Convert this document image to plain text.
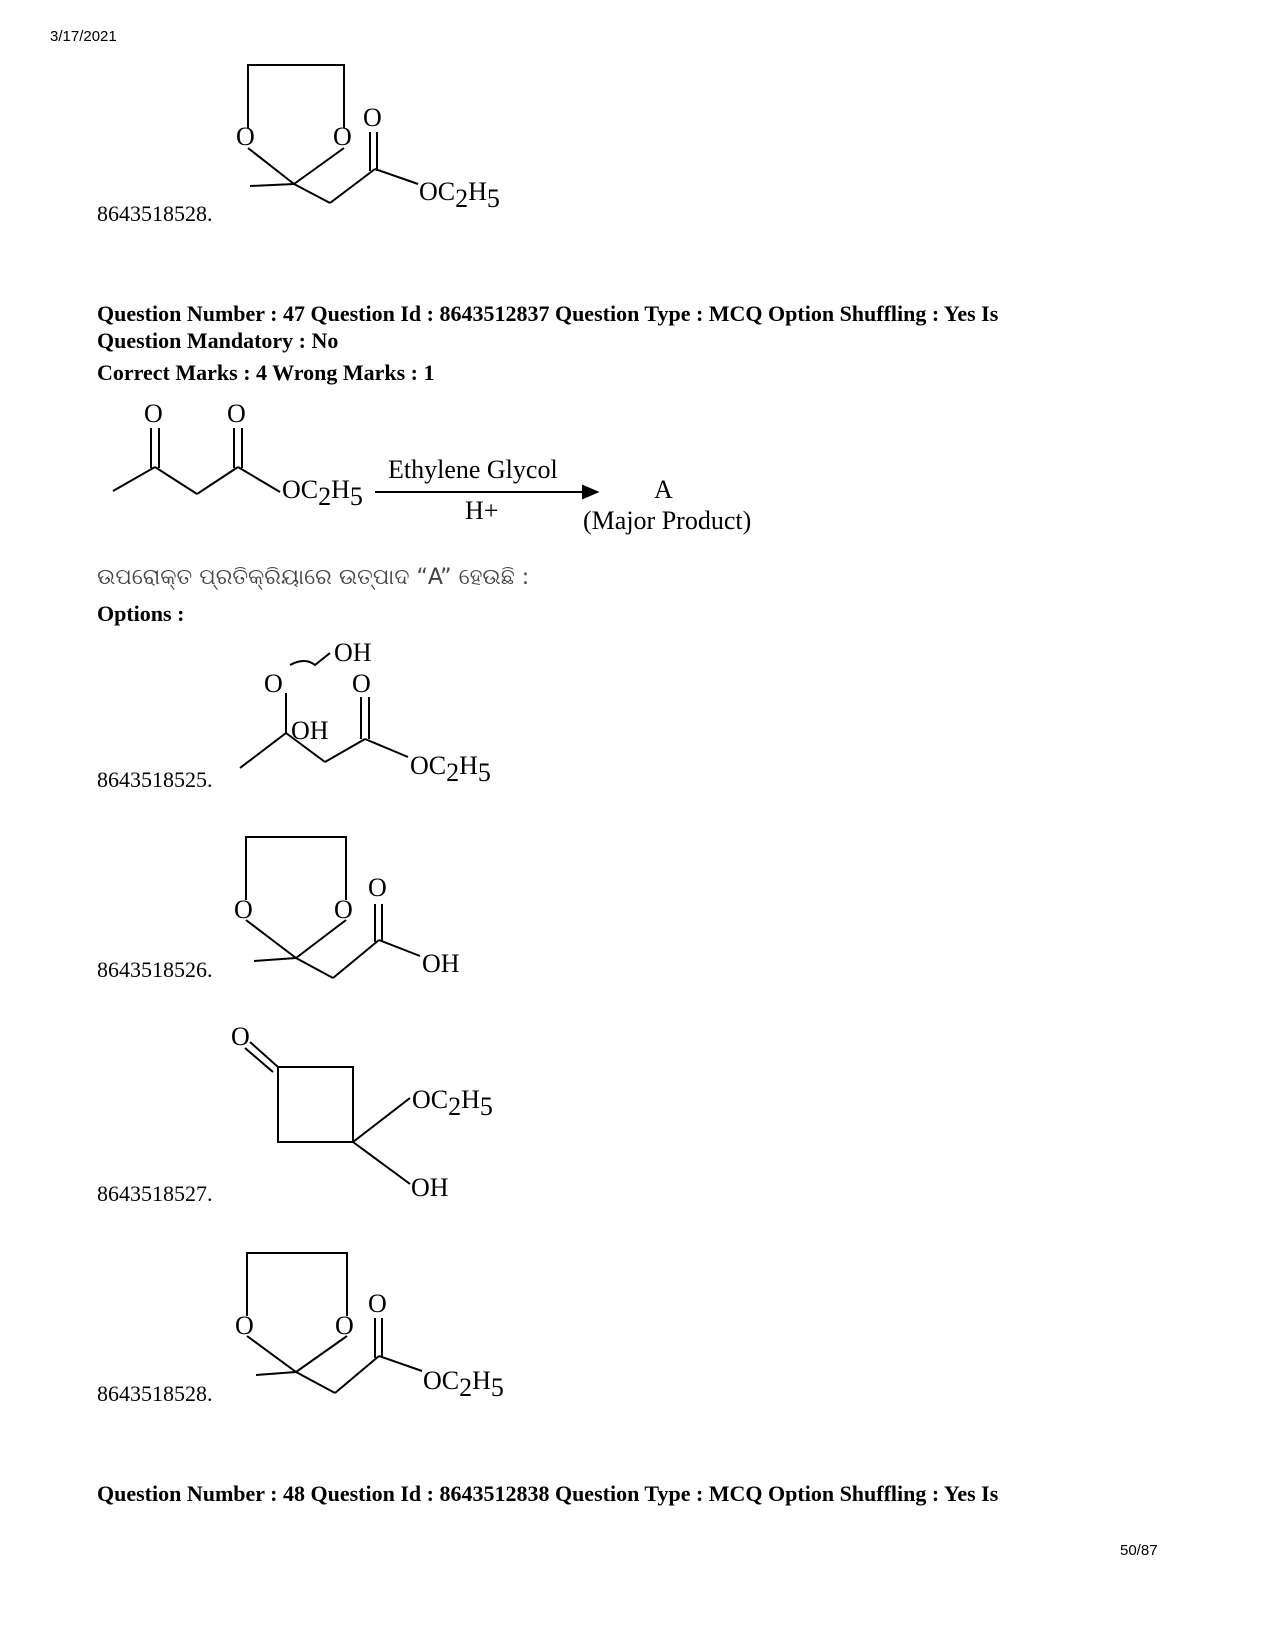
3/17/2021
O	O
O
OC2H5
8643518528.
Question Number : 47 Question Id : 8643512837 Question Type : MCQ Option Shuffling : Yes Is
Question Mandatory : No
Correct Marks : 4 Wrong Marks : 1
O O
OC2H5
Ethylene Glycol
H+
A
(Major Product)
ଉପରୋକ୍ତ ପ୍ରତିକ୍ରିୟାରେ ଉତ୍ପାଦ “A” ହେଉଛି :
Options :
OH
O	O
OH
OC2H5
8643518525.
O	O
O
OH
8643518526.
O
OC2H5
OH
8643518527.
O	O
O
OC2H5
8643518528.
Question Number : 48 Question Id : 8643512838 Question Type : MCQ Option Shuffling : Yes Is
50/87
